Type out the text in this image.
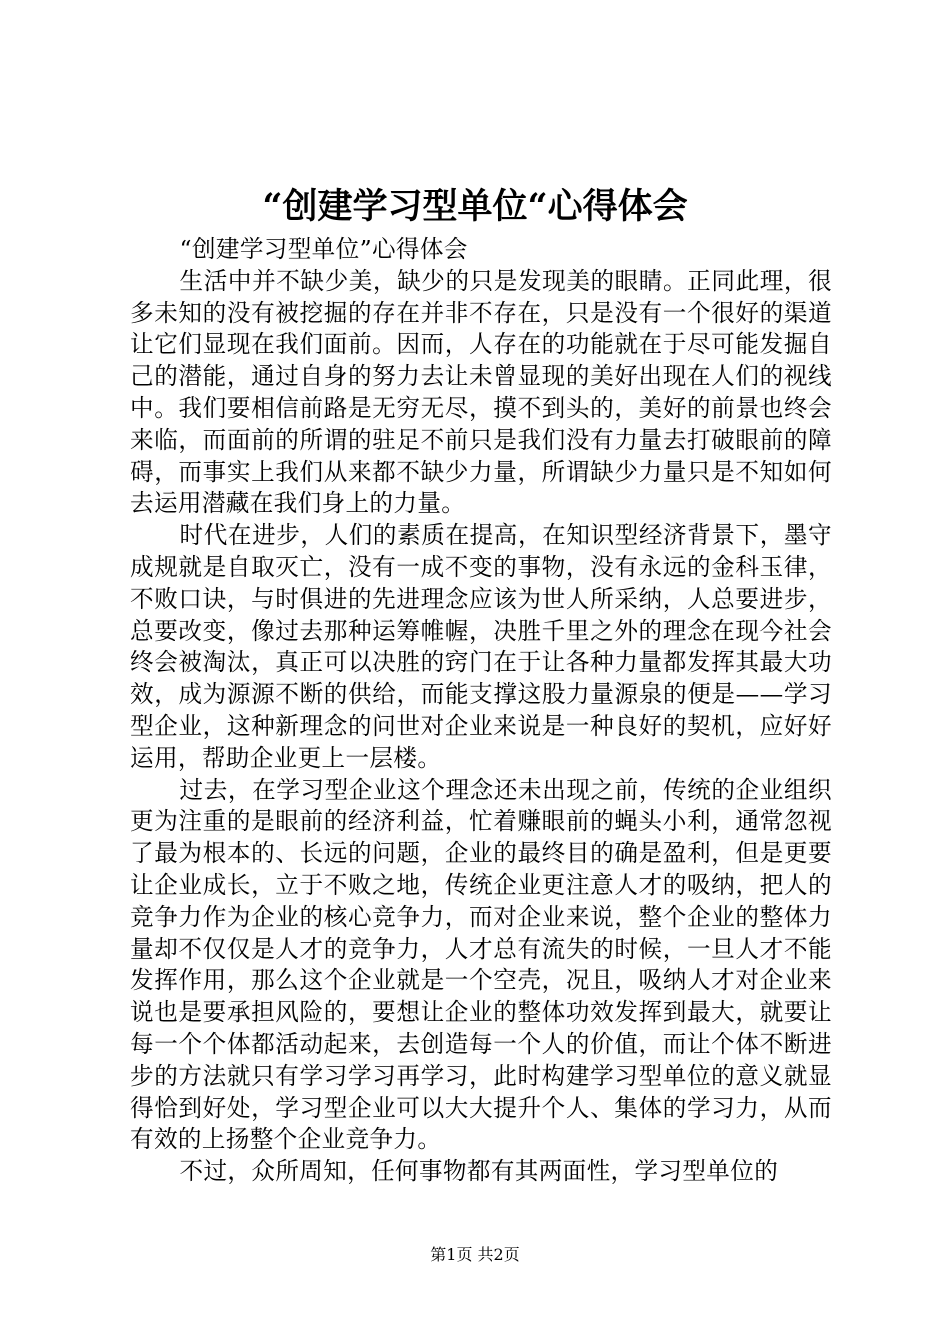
“创建学习型单位“心得体会

“创建学习型单位”心得体会

生活中并不缺少美，缺少的只是发现美的眼睛。正同此理，很多未知的没有被挖掘的存在并非不存在，只是没有一个很好的渠道让它们显现在我们面前。因而，人存在的功能就在于尽可能发掘自己的潜能，通过自身的努力去让未曾显现的美好出现在人们的视线中。我们要相信前路是无穷无尽，摸不到头的，美好的前景也终会来临，而面前的所谓的驻足不前只是我们没有力量去打破眼前的障碍，而事实上我们从来都不缺少力量，所谓缺少力量只是不知如何去运用潜藏在我们身上的力量。

时代在进步，人们的素质在提高，在知识型经济背景下，墨守成规就是自取灭亡，没有一成不变的事物，没有永远的金科玉律，不败口诀，与时俱进的先进理念应该为世人所采纳，人总要进步，总要改变，像过去那种运筹帷幄，决胜千里之外的理念在现今社会终会被淘汰，真正可以决胜的窍门在于让各种力量都发挥其最大功效，成为源源不断的供给，而能支撑这股力量源泉的便是——学习型企业，这种新理念的问世对企业来说是一种良好的契机，应好好运用，帮助企业更上一层楼。

过去，在学习型企业这个理念还未出现之前，传统的企业组织更为注重的是眼前的经济利益，忙着赚眼前的蝇头小利，通常忽视了最为根本的、长远的问题，企业的最终目的确是盈利，但是更要让企业成长，立于不败之地，传统企业更注意人才的吸纳，把人的竞争力作为企业的核心竞争力，而对企业来说，整个企业的整体力量却不仅仅是人才的竞争力，人才总有流失的时候，一旦人才不能发挥作用，那么这个企业就是一个空壳，况且，吸纳人才对企业来说也是要承担风险的，要想让企业的整体功效发挥到最大，就要让每一个个体都活动起来，去创造每一个人的价值，而让个体不断进步的方法就只有学习学习再学习，此时构建学习型单位的意义就显得恰到好处，学习型企业可以大大提升个人、集体的学习力，从而有效的上扬整个企业竞争力。

不过，众所周知，任何事物都有其两面性，学习型单位的

第1页 共2页
